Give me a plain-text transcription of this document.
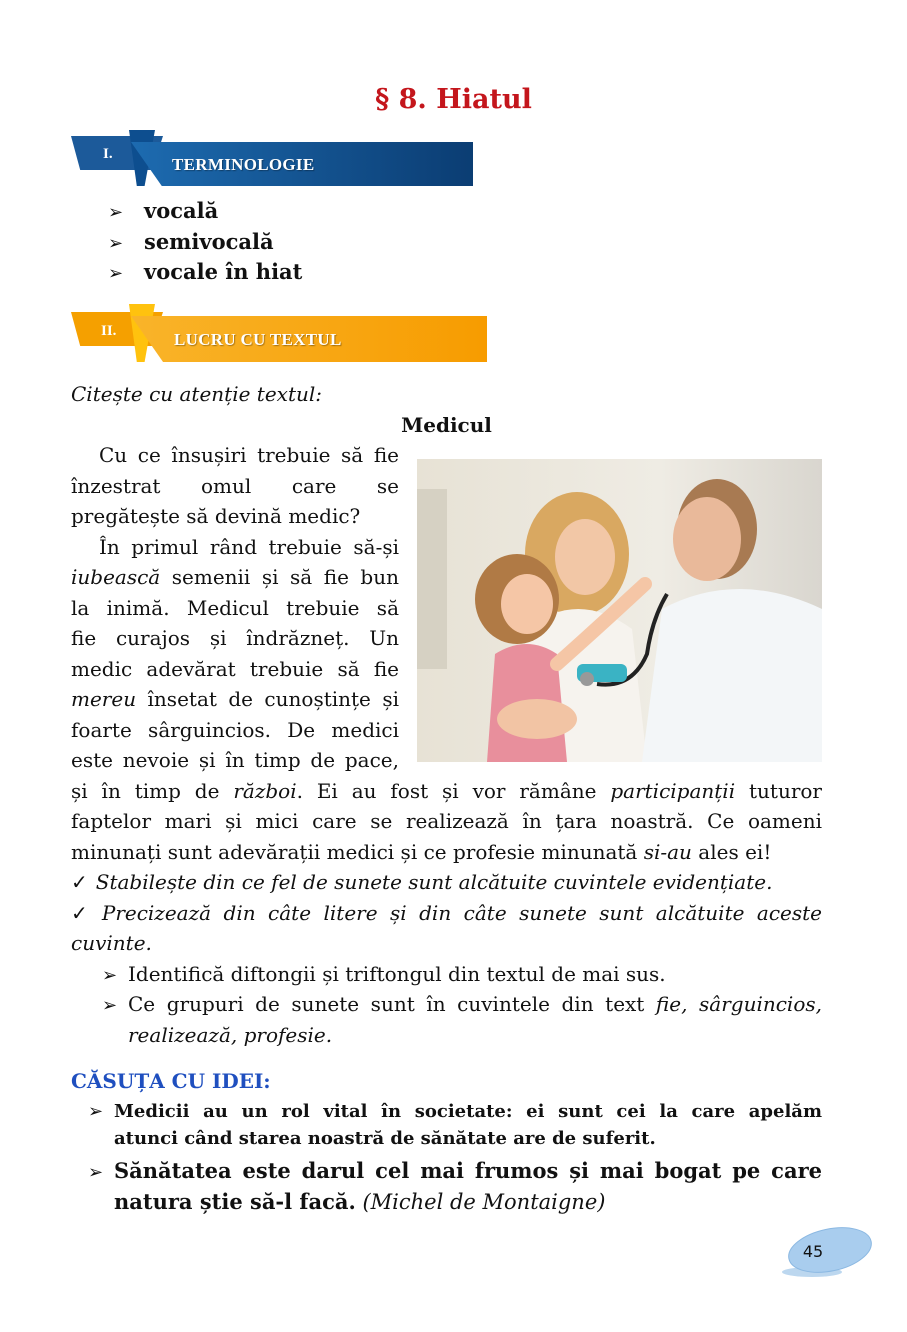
§ 8. Hiatul
I.
TERMINOLOGIE
➢ vocală
➢ semivocală
➢ vocale în hiat
II.	LUCRU CU TEXTUL
Citește cu atenție textul:
Medicul
Cu ce însușiri trebuie să fie
înzestrat omul care se
pregătește să devină medic?
În primul rând trebuie să-și
iubească semenii și să fie bun
la inimă. Medicul trebuie să
fie curajos și îndrăzneț. Un
medic adevărat trebuie să fie
mereu însetat de cunoștințe și
foarte sârguincios. De medici
este nevoie și în timp de pace,
și în timp de război. Ei au fost și vor rămâne participanții tuturor
faptelor mari și mici care se realizează în țara noastră. Ce oameni
minunați sunt adevărații medici și ce profesie minunată si-au ales ei!
✓ Stabilește din ce fel de sunete sunt alcătuite cuvintele evidențiate.
✓ Precizează din câte litere și din câte sunete sunt alcătuite aceste
cuvinte.
➢ Identifică diftongii și triftongul din textul de mai sus.
➢ Ce grupuri de sunete sunt în cuvintele din text fie, sârguincios,
realizează, profesie.
CĂSUȚA CU IDEI:
➢ Medicii au un rol vital în societate: ei sunt cei la care apelăm
atunci când starea noastră de sănătate are de suferit.
➢ Sănătatea este darul cel mai frumos și mai bogat pe care
natura știe să-l facă. (Michel de Montaigne)
45
